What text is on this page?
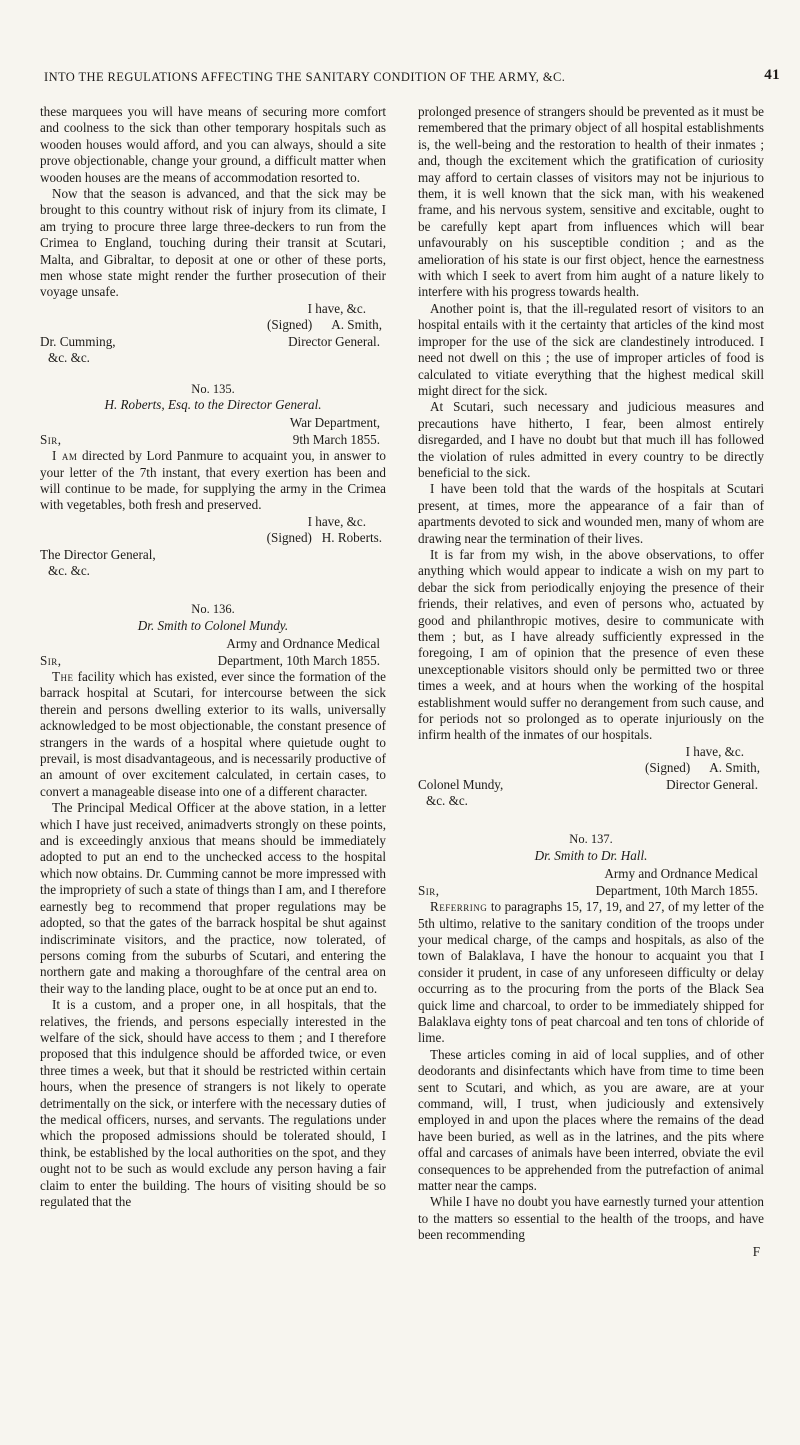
INTO THE REGULATIONS AFFECTING THE SANITARY CONDITION OF THE ARMY, &C.	41

these marquees you will have means of securing more comfort and coolness to the sick than other temporary hospitals such as wooden houses would afford, and you can always, should a site prove objectionable, change your ground, a difficult matter when wooden houses are the means of accommodation resorted to.

Now that the season is advanced, and that the sick may be brought to this country without risk of injury from its climate, I am trying to procure three large three-deckers to run from the Crimea to England, touching during their transit at Scutari, Malta, and Gibraltar, to deposit at one or other of these ports, men whose state might render the further prosecution of their voyage unsafe.

I have, &c.
(Signed)      A. Smith,
Dr. Cumming,	Director General.
&c. &c.
No. 135.
H. Roberts, Esq. to the Director General.
War Department,
Sir,	9th March 1855.

I am directed by Lord Panmure to acquaint you, in answer to your letter of the 7th instant, that every exertion has been and will continue to be made, for supplying the army in the Crimea with vegetables, both fresh and preserved.

I have, &c.
(Signed)   H. Roberts.
The Director General,
&c. &c.
No. 136.
Dr. Smith to Colonel Mundy.
Army and Ordnance Medical
Sir,	Department, 10th March 1855.

The facility which has existed, ever since the formation of the barrack hospital at Scutari, for intercourse between the sick therein and persons dwelling exterior to its walls, universally acknowledged to be most objectionable, the constant presence of strangers in the wards of a hospital where quietude ought to prevail, is most disadvantageous, and is necessarily productive of an amount of over excitement calculated, in certain cases, to convert a manageable disease into one of a different character.

The Principal Medical Officer at the above station, in a letter which I have just received, animadverts strongly on these points, and is exceedingly anxious that means should be immediately adopted to put an end to the unchecked access to the hospital which now obtains. Dr. Cumming cannot be more impressed with the impropriety of such a state of things than I am, and I therefore earnestly beg to recommend that proper regulations may be adopted, so that the gates of the barrack hospital be shut against indiscriminate visitors, and the practice, now tolerated, of persons coming from the suburbs of Scutari, and entering the northern gate and making a thoroughfare of the central area on their way to the landing place, ought to be at once put an end to.

It is a custom, and a proper one, in all hospitals, that the relatives, the friends, and persons especially interested in the welfare of the sick, should have access to them ; and I therefore proposed that this indulgence should be afforded twice, or even three times a week, but that it should be restricted within certain hours, when the presence of strangers is not likely to operate detrimentally on the sick, or interfere with the necessary duties of the medical officers, nurses, and servants. The regulations under which the proposed admissions should be tolerated should, I think, be established by the local authorities on the spot, and they ought not to be such as would exclude any person having a fair claim to enter the building. The hours of visiting should be so regulated that the

prolonged presence of strangers should be prevented as it must be remembered that the primary object of all hospital establishments is, the well-being and the restoration to health of their inmates ; and, though the excitement which the gratification of curiosity may afford to certain classes of visitors may not be injurious to them, it is well known that the sick man, with his weakened frame, and his nervous system, sensitive and excitable, ought to be carefully kept apart from influences which will bear unfavourably on his susceptible condition ; and as the amelioration of his state is our first object, hence the earnestness with which I seek to avert from him aught of a nature likely to interfere with his progress towards health.

Another point is, that the ill-regulated resort of visitors to an hospital entails with it the certainty that articles of the kind most improper for the use of the sick are clandestinely introduced. I need not dwell on this ; the use of improper articles of food is calculated to vitiate everything that the highest medical skill might direct for the sick.

At Scutari, such necessary and judicious measures and precautions have hitherto, I fear, been almost entirely disregarded, and I have no doubt but that much ill has followed the violation of rules admitted in every country to be directly beneficial to the sick.

I have been told that the wards of the hospitals at Scutari present, at times, more the appearance of a fair than of apartments devoted to sick and wounded men, many of whom are drawing near the termination of their lives.

It is far from my wish, in the above observations, to offer anything which would appear to indicate a wish on my part to debar the sick from periodically enjoying the presence of their friends, their relatives, and even of persons who, actuated by good and philanthropic motives, desire to communicate with them ; but, as I have already sufficiently expressed in the foregoing, I am of opinion that the presence of even these unexceptionable visitors should only be permitted two or three times a week, and at hours when the working of the hospital establishment would suffer no derangement from such cause, and for periods not so prolonged as to operate injuriously on the infirm health of the inmates of our hospitals.

I have, &c.
(Signed)      A. Smith,
Colonel Mundy,	Director General.
&c. &c.
No. 137.
Dr. Smith to Dr. Hall.
Army and Ordnance Medical
Sir,	Department, 10th March 1855.

Referring to paragraphs 15, 17, 19, and 27, of my letter of the 5th ultimo, relative to the sanitary condition of the troops under your medical charge, of the camps and hospitals, as also of the town of Balaklava, I have the honour to acquaint you that I consider it prudent, in case of any unforeseen difficulty or delay occurring as to the procuring from the ports of the Black Sea quick lime and charcoal, to order to be immediately shipped for Balaklava eighty tons of peat charcoal and ten tons of chloride of lime.

These articles coming in aid of local supplies, and of other deodorants and disinfectants which have from time to time been sent to Scutari, and which, as you are aware, are at your command, will, I trust, when judiciously and extensively employed in and upon the places where the remains of the dead have been buried, as well as in the latrines, and the pits where offal and carcases of animals have been interred, obviate the evil consequences to be apprehended from the putrefaction of animal matter near the camps.

While I have no doubt you have earnestly turned your attention to the matters so essential to the health of the troops, and have been recommending

F
